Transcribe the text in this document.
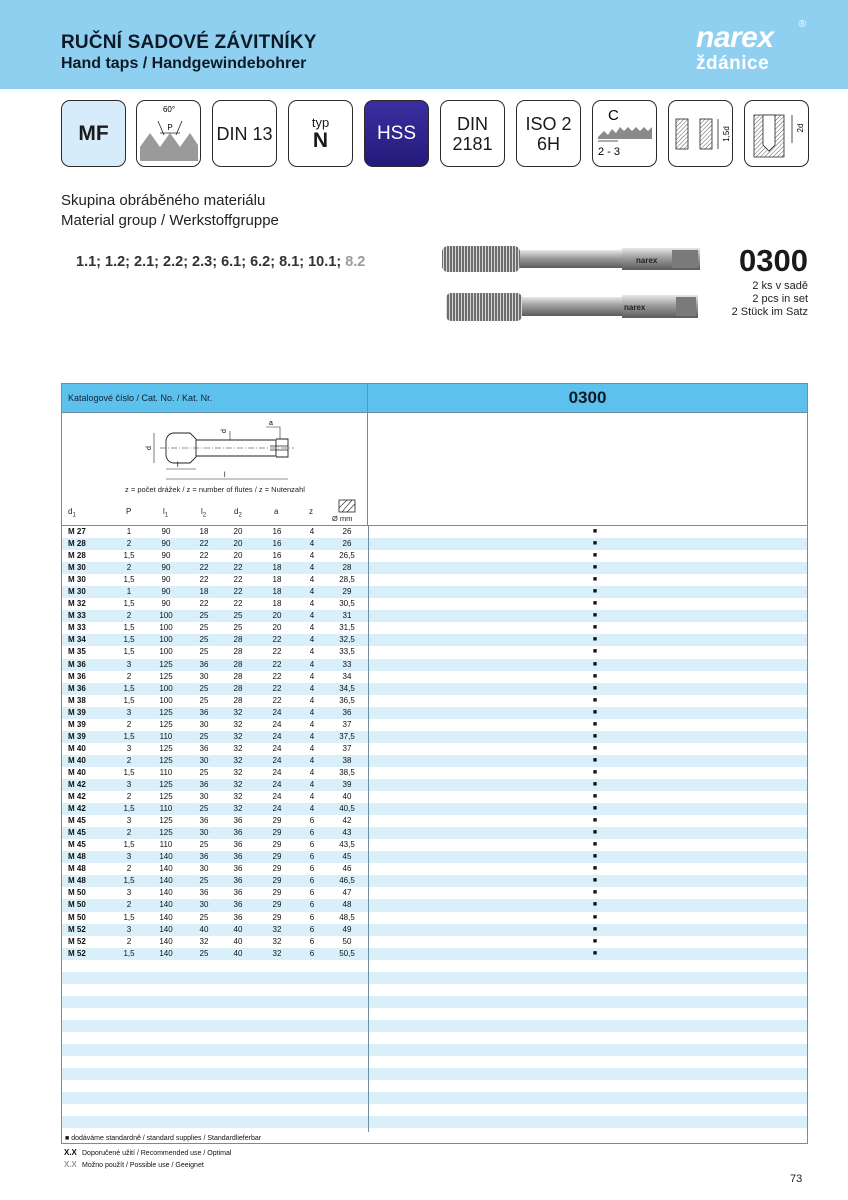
RUČNÍ SADOVÉ ZÁVITNÍKY
Hand taps / Handgewindebohrer
®
narex
ždánice
MF
60°
P DIN 13
typ
N	HSS DIN
2181
ISO 2
6H
C
2 - 3
1,5d	2d
Skupina obráběného materiálu
Material group / Werkstoffgruppe
1.1; 1.2; 2.1; 2.2; 2.3; 6.1; 6.2; 8.1; 10.1; 8.2	narex
narex
0300
2 ks v sadě
2 pcs in set
2 Stück im Satz
Katalogové číslo / Cat. No. / Kat. Nr.	0300
d
d
a
l
l
z = počet drážek / z = number of flutes / z = Nutenzahl
$d_1$	P	$l_1$	$l_2$	$d_2$	a	z
Ø mm
M 27	1	90	18	20	16	4	26	■
M 28	2	90	22	20	16	4	26	■
M 28	1,5	90	22	20	16	4	26,5	■
M 30	2	90	22	22	18	4	28	■
M 30	1,5	90	22	22	18	4	28,5	■
M 30	1	90	18	22	18	4	29	■
M 32	1,5	90	22	22	18	4	30,5	■
M 33	2	100	25	25	20	4	31	■
M 33	1,5	100	25	25	20	4	31,5	■
M 34	1,5	100	25	28	22	4	32,5	■
M 35	1,5	100	25	28	22	4	33,5	■
M 36	3	125	36	28	22	4	33	■
M 36	2	125	30	28	22	4	34	■
M 36	1,5	100	25	28	22	4	34,5	■
M 38	1,5	100	25	28	22	4	36,5	■
M 39	3	125	36	32	24	4	36	■
M 39	2	125	30	32	24	4	37	■
M 39	1,5	110	25	32	24	4	37,5	■
M 40	3	125	36	32	24	4	37	■
M 40	2	125	30	32	24	4	38	■
M 40	1,5	110	25	32	24	4	38,5	■
M 42	3	125	36	32	24	4	39	■
M 42	2	125	30	32	24	4	40	■
M 42	1,5	110	25	32	24	4	40,5	■
M 45	3	125	36	36	29	6	42	■
M 45	2	125	30	36	29	6	43	■
M 45	1,5	110	25	36	29	6	43,5	■
M 48	3	140	36	36	29	6	45	■
M 48	2	140	30	36	29	6	46	■
M 48	1,5	140	25	36	29	6	46,5	■
M 50	3	140	36	36	29	6	47	■
M 50	2	140	30	36	29	6	48	■
M 50	1,5	140	25	36	29	6	48,5	■
M 52	3	140	40	40	32	6	49	■
M 52	2	140	32	40	32	6	50	■
M 52	1,5	140	25	40	32	6	50,5	■
■ dodáváme standardně / standard supplies / Standardlieferbar
X.X Doporučené užití / Recommended use / Optimal
X.X Možno použít / Possible use / Geeignet
73
